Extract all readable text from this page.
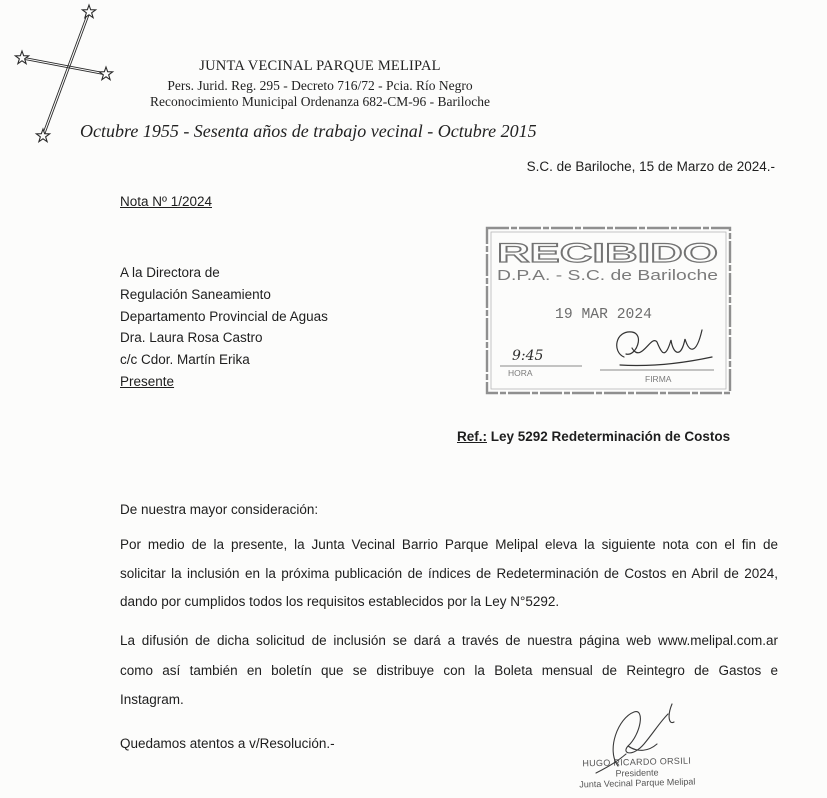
JUNTA VECINAL PARQUE MELIPAL
Pers. Jurid. Reg. 295 - Decreto 716/72 - Pcia. Río Negro
Reconocimiento Municipal Ordenanza 682-CM-96 - Bariloche
Octubre 1955 - Sesenta años de trabajo vecinal - Octubre 2015
S.C. de Bariloche, 15 de Marzo de 2024.-
Nota Nº 1/2024
A la Directora de
Regulación Saneamiento
Departamento Provincial de Aguas
Dra. Laura Rosa Castro
c/c Cdor. Martín Erika
Presente
RECIBIDO
D.P.A. - S.C. de Bariloche
19 MAR 2024
9:45
HORA
FIRMA
Ref.: Ley 5292 Redeterminación de Costos
De nuestra mayor consideración:
Por medio de la presente, la Junta Vecinal Barrio Parque Melipal eleva la siguiente nota con el fin de
solicitar la inclusión en la próxima publicación de índices de Redeterminación de Costos en Abril de 2024,
dando por cumplidos todos los requisitos establecidos por la Ley N°5292.
La difusión de dicha solicitud de inclusión se dará a través de nuestra página web www.melipal.com.ar
como así también en boletín que se distribuye con la Boleta mensual de Reintegro de Gastos e
Instagram.
Quedamos atentos a v/Resolución.-
HUGO RICARDO ORSILI
Presidente
Junta Vecinal Parque Melipal
